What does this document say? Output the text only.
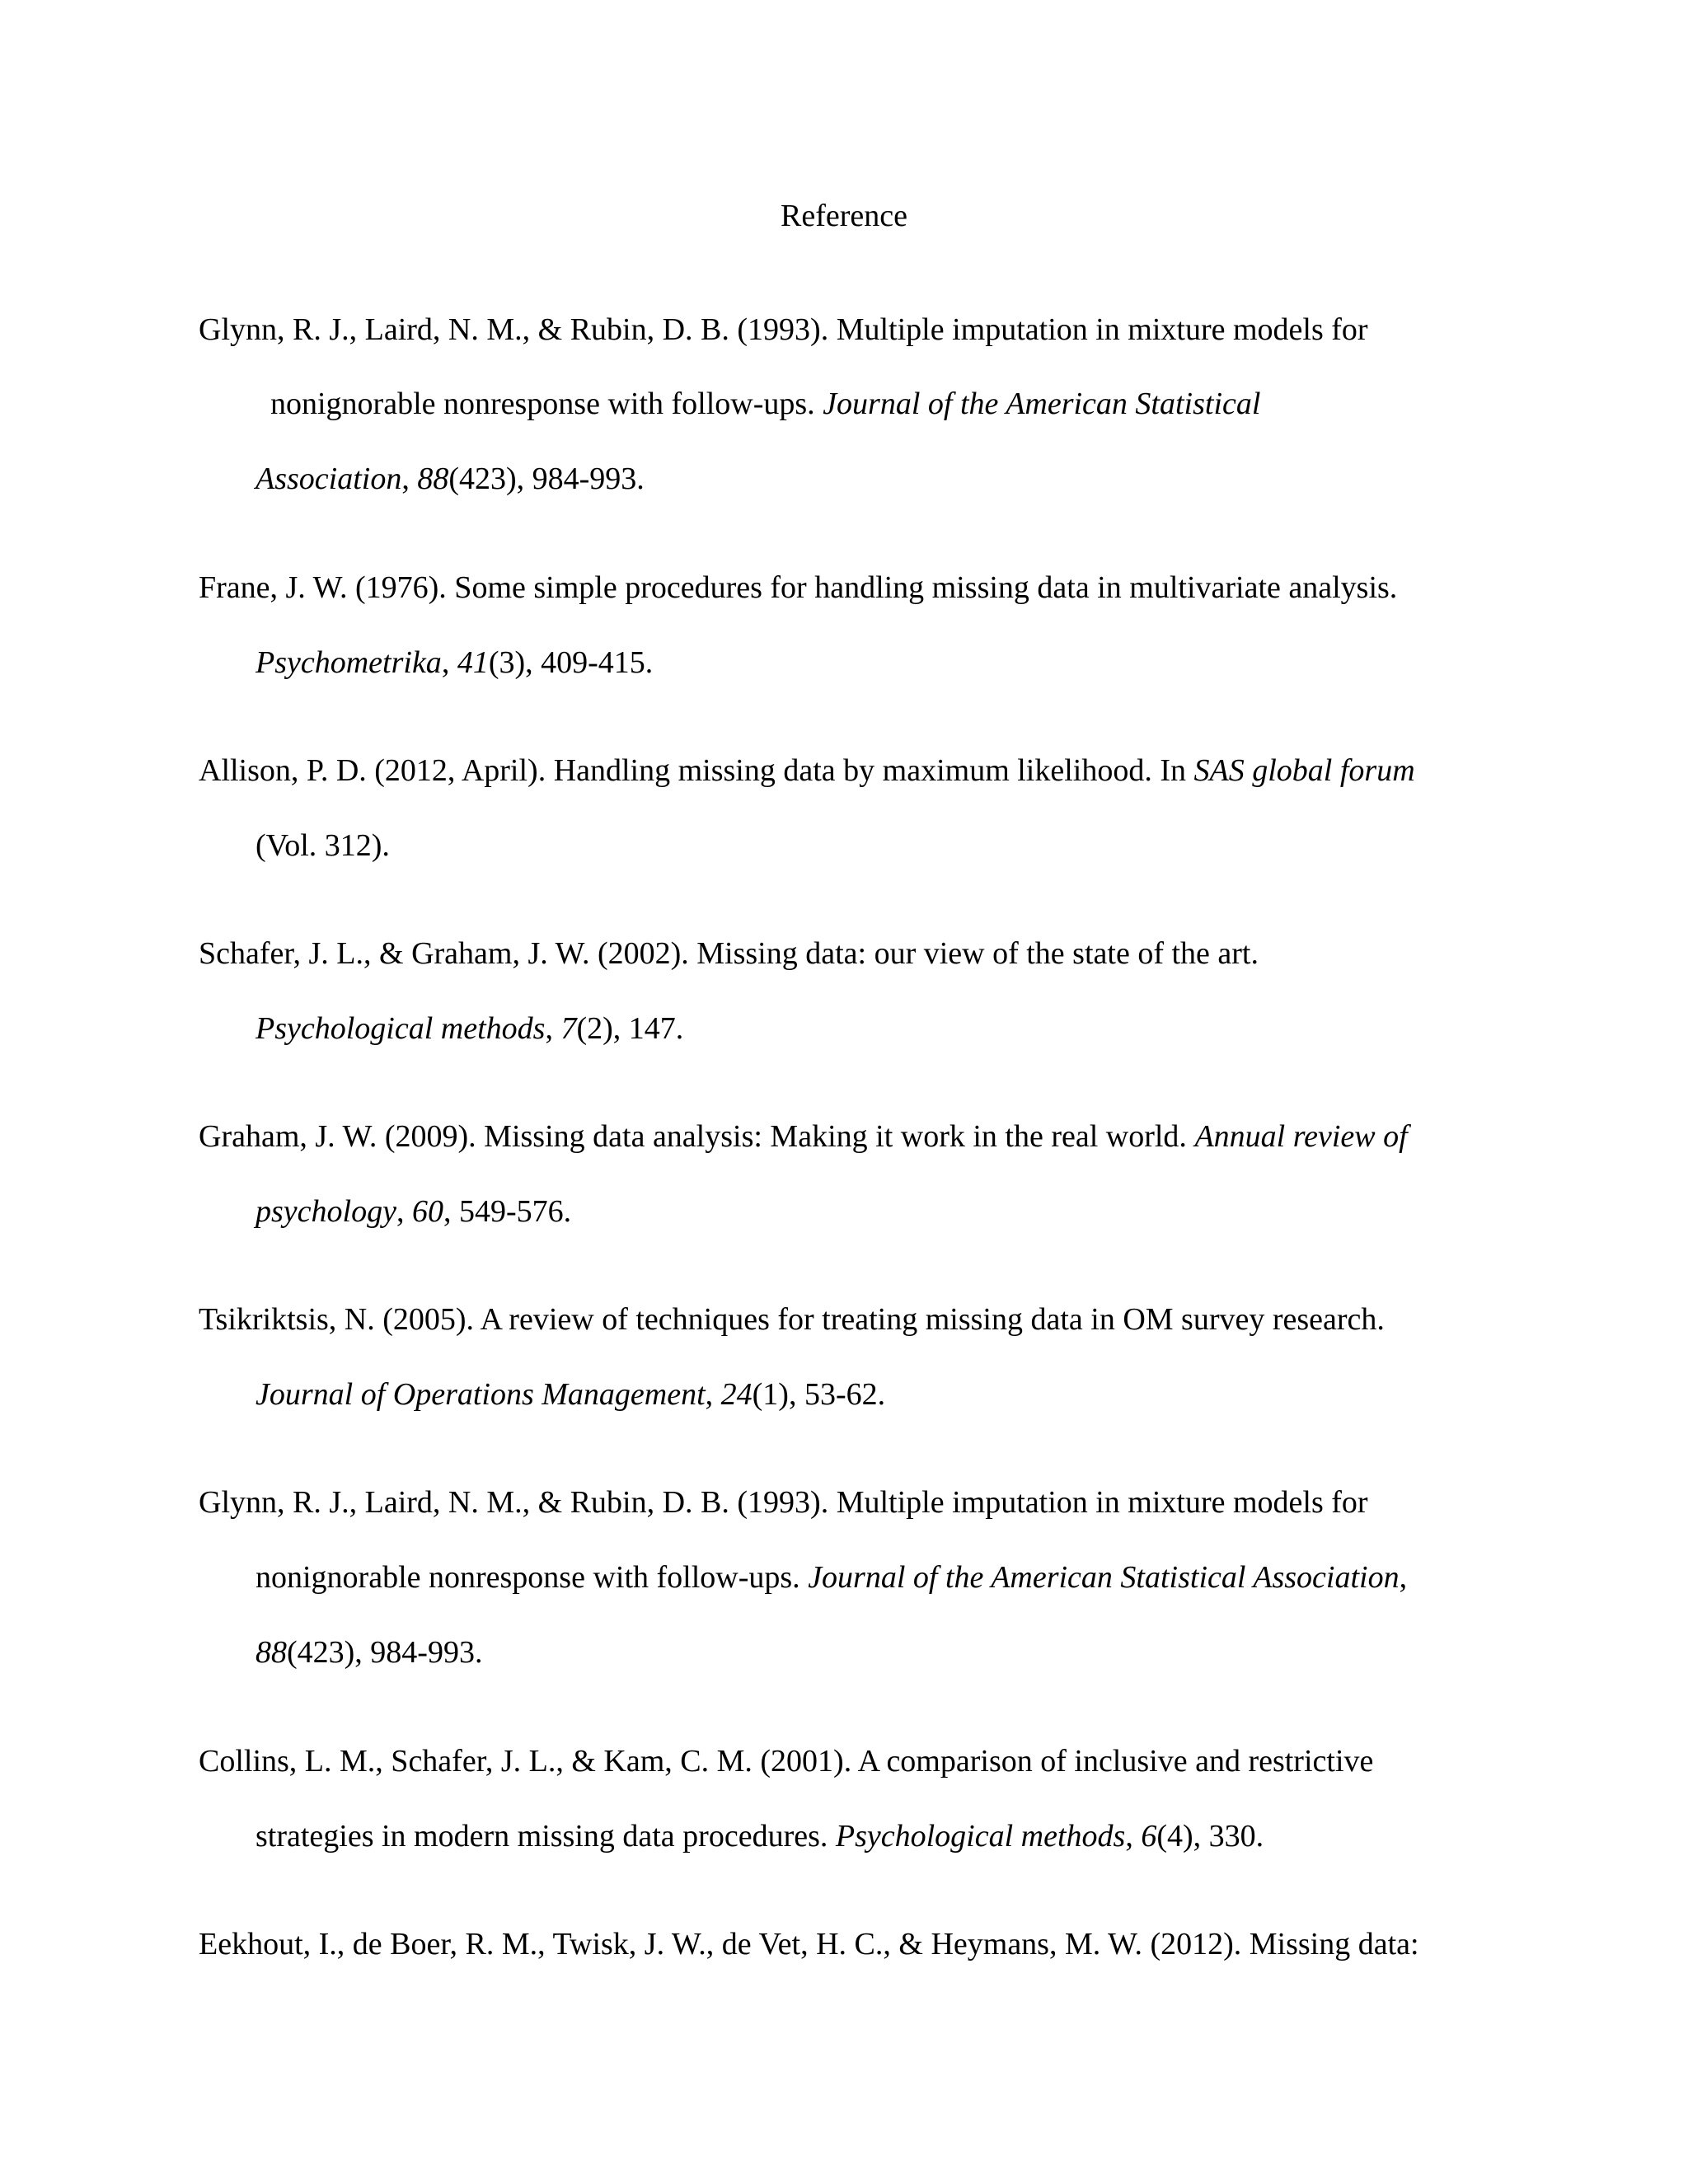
Reference
Glynn, R. J., Laird, N. M., & Rubin, D. B. (1993). Multiple imputation in mixture models for
nonignorable nonresponse with follow-ups. Journal of the American Statistical
Association, 88(423), 984-993.
Frane, J. W. (1976). Some simple procedures for handling missing data in multivariate analysis.
Psychometrika, 41(3), 409-415.
Allison, P. D. (2012, April). Handling missing data by maximum likelihood. In SAS global forum
(Vol. 312).
Schafer, J. L., & Graham, J. W. (2002). Missing data: our view of the state of the art.
Psychological methods, 7(2), 147.
Graham, J. W. (2009). Missing data analysis: Making it work in the real world. Annual review of
psychology, 60, 549-576.
Tsikriktsis, N. (2005). A review of techniques for treating missing data in OM survey research.
Journal of Operations Management, 24(1), 53-62.
Glynn, R. J., Laird, N. M., & Rubin, D. B. (1993). Multiple imputation in mixture models for
nonignorable nonresponse with follow-ups. Journal of the American Statistical Association,
88(423), 984-993.
Collins, L. M., Schafer, J. L., & Kam, C. M. (2001). A comparison of inclusive and restrictive
strategies in modern missing data procedures. Psychological methods, 6(4), 330.
Eekhout, I., de Boer, R. M., Twisk, J. W., de Vet, H. C., & Heymans, M. W. (2012). Missing data:
